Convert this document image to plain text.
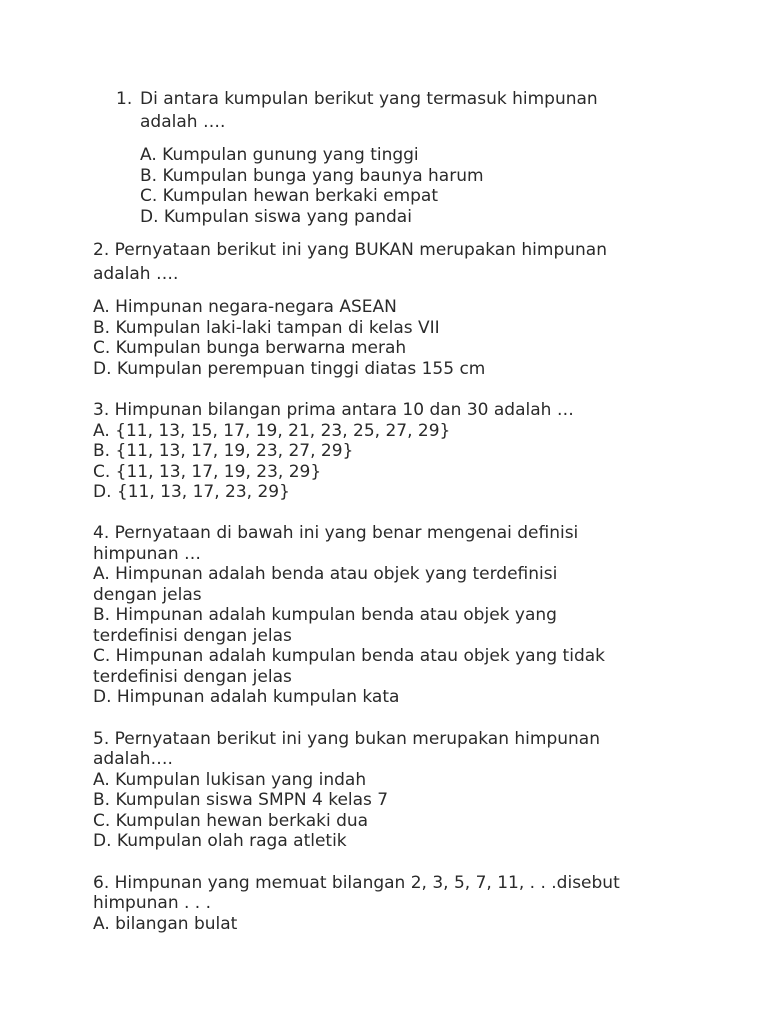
1. Di antara kumpulan berikut yang termasuk himpunan
adalah ….
A. Kumpulan gunung yang tinggi
B. Kumpulan bunga yang baunya harum
C. Kumpulan hewan berkaki empat
D. Kumpulan siswa yang pandai
2. Pernyataan berikut ini yang BUKAN merupakan himpunan
adalah ….
A. Himpunan negara-negara ASEAN
B. Kumpulan laki-laki tampan di kelas VII
C. Kumpulan bunga berwarna merah
D. Kumpulan perempuan tinggi diatas 155 cm
3. Himpunan bilangan prima antara 10 dan 30 adalah …
A. {11, 13, 15, 17, 19, 21, 23, 25, 27, 29}
B. {11, 13, 17, 19, 23, 27, 29}
C. {11, 13, 17, 19, 23, 29}
D. {11, 13, 17, 23, 29}
4. Pernyataan di bawah ini yang benar mengenai definisi
himpunan …
A. Himpunan adalah benda atau objek yang terdefinisi
dengan jelas
B. Himpunan adalah kumpulan benda atau objek yang
terdefinisi dengan jelas
C. Himpunan adalah kumpulan benda atau objek yang tidak
terdefinisi dengan jelas
D. Himpunan adalah kumpulan kata
5. Pernyataan berikut ini yang bukan merupakan himpunan
adalah….
A. Kumpulan lukisan yang indah
B. Kumpulan siswa SMPN 4 kelas 7
C. Kumpulan hewan berkaki dua
D. Kumpulan olah raga atletik
6. Himpunan yang memuat bilangan 2, 3, 5, 7, 11, . . .disebut
himpunan . . .
A. bilangan bulat
